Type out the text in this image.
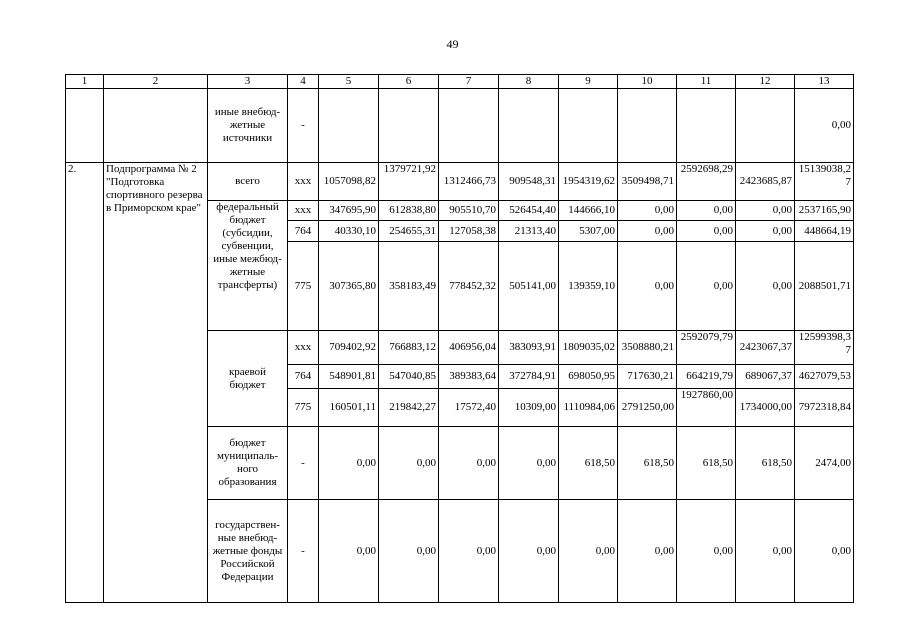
49
1	2	3	4	5	6	7	8	9	10	11	12	13
		иные внебюд-жетные источники	-									0,00
2.	Подпрограмма № 2 "Подготовка спортивного резерва в Приморском крае"	всего	ххх	1057098,82	1379721,92	1312466,73	909548,31	1954319,62	3509498,71	2592698,29	2423685,87	15139038,27
		федеральный бюджет (субсидии, субвенции, иные межбюд-жетные трансферты)	ххх	347695,90	612838,80	905510,70	526454,40	144666,10	0,00	0,00	0,00	2537165,90
			764	40330,10	254655,31	127058,38	21313,40	5307,00	0,00	0,00	0,00	448664,19
			775	307365,80	358183,49	778452,32	505141,00	139359,10	0,00	0,00	0,00	2088501,71
		краевой бюджет	ххх	709402,92	766883,12	406956,04	383093,91	1809035,02	3508880,21	2592079,79	2423067,37	12599398,37
			764	548901,81	547040,85	389383,64	372784,91	698050,95	717630,21	664219,79	689067,37	4627079,53
			775	160501,11	219842,27	17572,40	10309,00	1110984,06	2791250,00	1927860,00	1734000,00	7972318,84
		бюджет муниципаль-ного образования	-	0,00	0,00	0,00	0,00	618,50	618,50	618,50	618,50	2474,00
		государствен-ные внебюд-жетные фонды Российской Федерации	-	0,00	0,00	0,00	0,00	0,00	0,00	0,00	0,00	0,00
